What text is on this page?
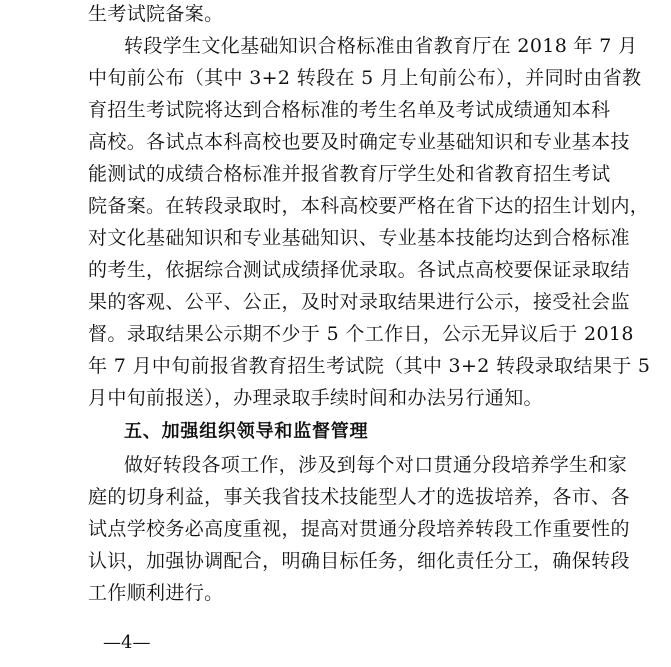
生考试院备案。
转段学生文化基础知识合格标准由省教育厅在 2018 年 7 月
中旬前公布（其中 3+2 转段在 5 月上旬前公布），并同时由省教
育招生考试院将达到合格标准的考生名单及考试成绩通知本科
高校。各试点本科高校也要及时确定专业基础知识和专业基本技
能测试的成绩合格标准并报省教育厅学生处和省教育招生考试
院备案。在转段录取时，本科高校要严格在省下达的招生计划内，
对文化基础知识和专业基础知识、专业基本技能均达到合格标准
的考生，依据综合测试成绩择优录取。各试点高校要保证录取结
果的客观、公平、公正，及时对录取结果进行公示，接受社会监
督。录取结果公示期不少于 5 个工作日，公示无异议后于 2018
年 7 月中旬前报省教育招生考试院（其中 3+2 转段录取结果于 5
月中旬前报送），办理录取手续时间和办法另行通知。
五、加强组织领导和监督管理
做好转段各项工作，涉及到每个对口贯通分段培养学生和家
庭的切身利益，事关我省技术技能型人才的选拔培养，各市、各
试点学校务必高度重视，提高对贯通分段培养转段工作重要性的
认识，加强协调配合，明确目标任务，细化责任分工，确保转段
工作顺利进行。
—4—
